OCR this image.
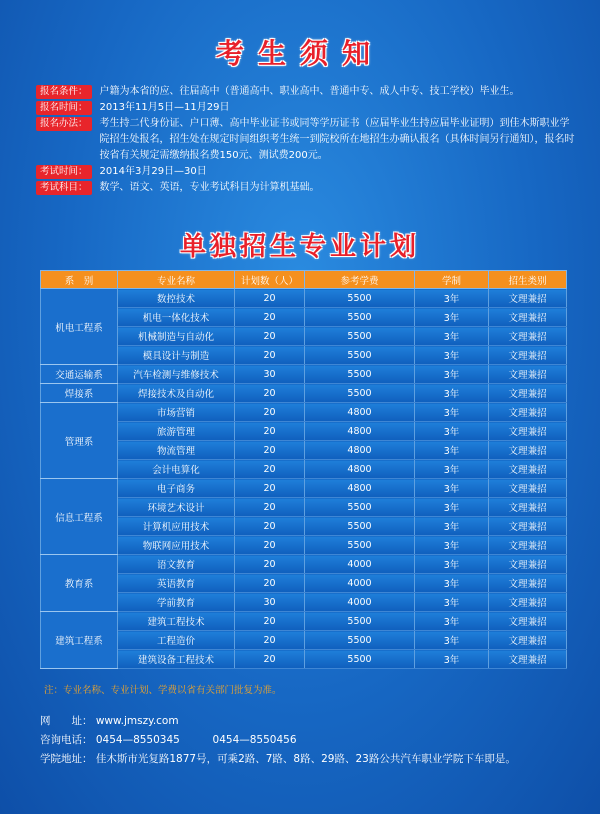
考生须知
报名条件：	户籍为本省的应、往届高中（普通高中、职业高中、普通中专、成人中专、技工学校）毕业生。
报名时间：	2013年11月5日—11月29日
报名办法：	考生持二代身份证、户口薄、高中毕业证书或同等学历证书（应届毕业生持应届毕业证明）到佳木斯职业学院招生处报名，招生处在规定时间组织考生统一到院校所在地招生办确认报名（具体时间另行通知），报名时按省有关规定需缴纳报名费150元、测试费200元。
考试时间：	2014年3月29日—30日
考试科目：	数学、语文、英语，专业考试科目为计算机基础。
单独招生专业计划
系　别	专业名称	计划数（人）	参考学费	学制	招生类别
机电工程系	数控技术	20	5500	3年	文理兼招
	机电一体化技术	20	5500	3年	文理兼招
	机械制造与自动化	20	5500	3年	文理兼招
	模具设计与制造	20	5500	3年	文理兼招
交通运输系	汽车检测与维修技术	30	5500	3年	文理兼招
焊接系	焊接技术及自动化	20	5500	3年	文理兼招
管理系	市场营销	20	4800	3年	文理兼招
	旅游管理	20	4800	3年	文理兼招
	物流管理	20	4800	3年	文理兼招
	会计电算化	20	4800	3年	文理兼招
信息工程系	电子商务	20	4800	3年	文理兼招
	环境艺术设计	20	5500	3年	文理兼招
	计算机应用技术	20	5500	3年	文理兼招
	物联网应用技术	20	5500	3年	文理兼招
教育系	语文教育	20	4000	3年	文理兼招
	英语教育	20	4000	3年	文理兼招
	学前教育	30	4000	3年	文理兼招
建筑工程系	建筑工程技术	20	5500	3年	文理兼招
	工程造价	20	5500	3年	文理兼招
	建筑设备工程技术	20	5500	3年	文理兼招
注：专业名称、专业计划、学费以省有关部门批复为准。
网　　址： www.jmszy.com
咨询电话： 0454—8550345	0454—8550456
学院地址： 佳木斯市光复路1877号，可乘2路、7路、8路、29路、23路公共汽车职业学院下车即是。
